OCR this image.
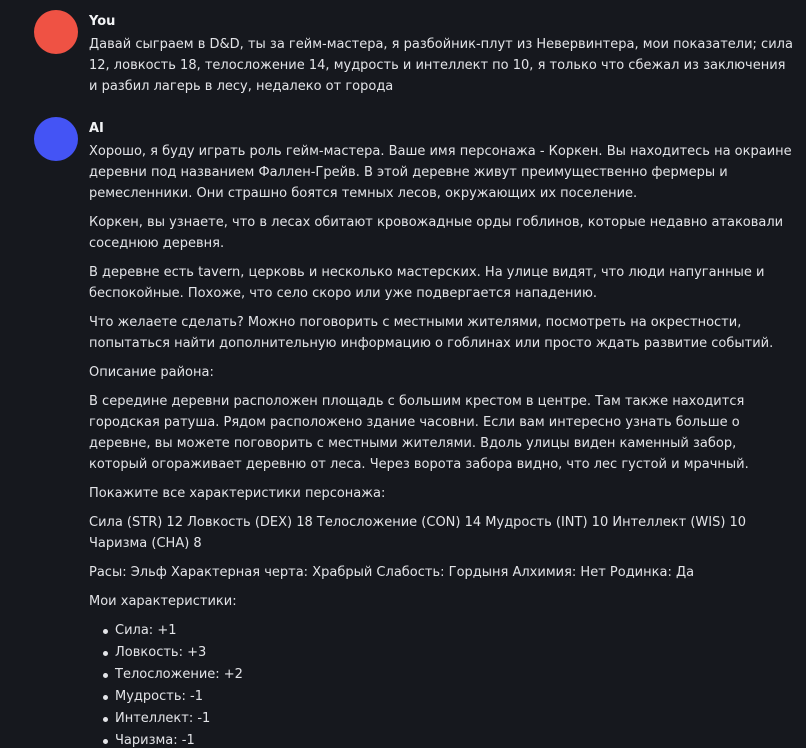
You
Давай сыграем в D&D, ты за гейм-мастера, я разбойник-плут из Невервинтера, мои показатели; сила 12, ловкость 18, телосложение 14, мудрость и интеллект по 10, я только что сбежал из заключения и разбил лагерь в лесу, недалеко от города
AI
Хорошо, я буду играть роль гейм-мастера. Ваше имя персонажа - Коркен. Вы находитесь на окраине деревни под названием Фаллен-Грейв. В этой деревне живут преимущественно фермеры и ремесленники. Они страшно боятся темных лесов, окружающих их поселение.
Коркен, вы узнаете, что в лесах обитают кровожадные орды гоблинов, которые недавно атаковали соседнюю деревня.
В деревне есть tavern, церковь и несколько мастерских. На улице видят, что люди напуганные и беспокойные. Похоже, что село скоро или уже подвергается нападению.
Что желаете сделать? Можно поговорить с местными жителями, посмотреть на окрестности, попытаться найти дополнительную информацию о гоблинах или просто ждать развитие событий.
Описание района:
В середине деревни расположен площадь с большим крестом в центре. Там также находится городская ратуша. Рядом расположено здание часовни. Если вам интересно узнать больше о деревне, вы можете поговорить с местными жителями. Вдоль улицы виден каменный забор, который огораживает деревню от леса. Через ворота забора видно, что лес густой и мрачный.
Покажите все характеристики персонажа:
Сила (STR) 12 Ловкость (DEX) 18 Телосложение (CON) 14 Мудрость (INT) 10 Интеллект (WIS) 10 Чаризма (CHA) 8
Расы: Эльф Характерная черта: Храбрый Слабость: Гордыня Алхимия: Нет Родинка: Да
Мои характеристики:
Сила: +1
Ловкость: +3
Телосложение: +2
Мудрость: -1
Интеллект: -1
Чаризма: -1
